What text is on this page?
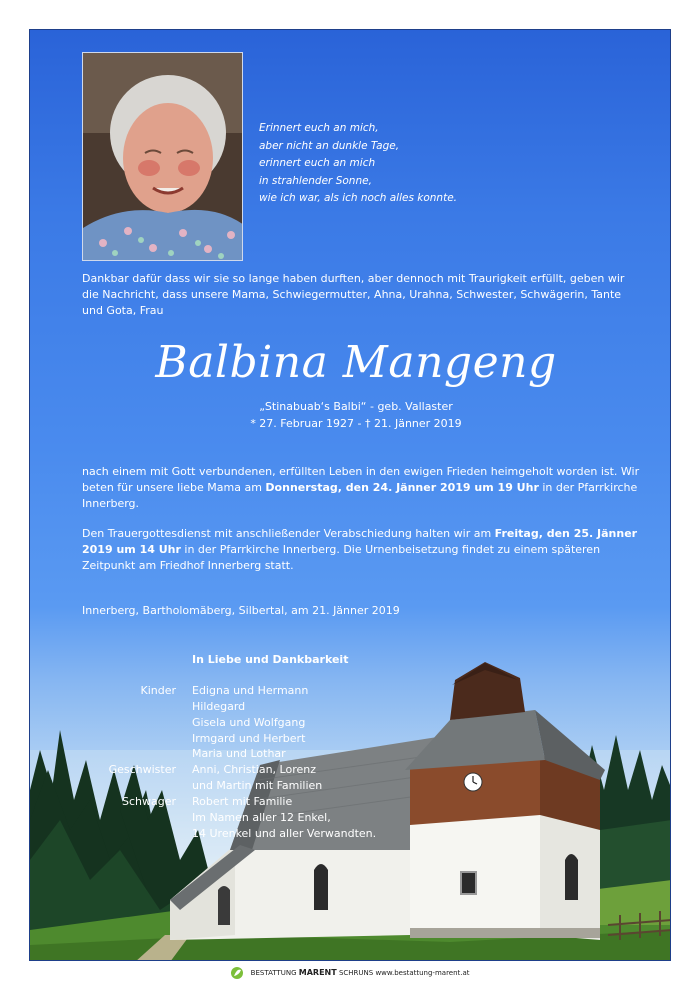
Erinnert euch an mich,
aber nicht an dunkle Tage,
erinnert euch an mich
in strahlender Sonne,
wie ich war, als ich noch alles konnte.
Dankbar dafür dass wir sie so lange haben durften, aber dennoch mit Traurigkeit erfüllt, geben wir die Nachricht, dass unsere Mama, Schwiegermutter, Ahna, Urahna, Schwester, Schwägerin, Tante und Gota, Frau
Balbina Mangeng
„Stinabuab‘s Balbi“ - geb. Vallaster
* 27. Februar 1927 - † 21. Jänner 2019
nach einem mit Gott verbundenen, erfüllten Leben in den ewigen Frieden heimgeholt worden ist. Wir beten für unsere liebe Mama am Donnerstag, den 24. Jänner 2019 um 19 Uhr in der Pfarrkirche Innerberg.
Den Trauergottesdienst mit anschließender Verabschiedung halten wir am Freitag, den 25. Jänner 2019 um 14 Uhr in der Pfarrkirche Innerberg. Die Urnenbeisetzung findet zu einem späteren Zeitpunkt am Friedhof Innerberg statt.
Innerberg, Bartholomäberg, Silbertal, am 21. Jänner 2019
In Liebe und Dankbarkeit
Kinder Edigna und Hermann
Hildegard
Gisela und Wolfgang
Irmgard und Herbert
Maria und Lothar
Geschwister Anni, Christian, Lorenz
und Martin mit Familien
Schwager Robert mit Familie
Im Namen aller 12 Enkel,
14 Urenkel und aller Verwandten.
BESTATTUNG MARENT SCHRUNS www.bestattung-marent.at
